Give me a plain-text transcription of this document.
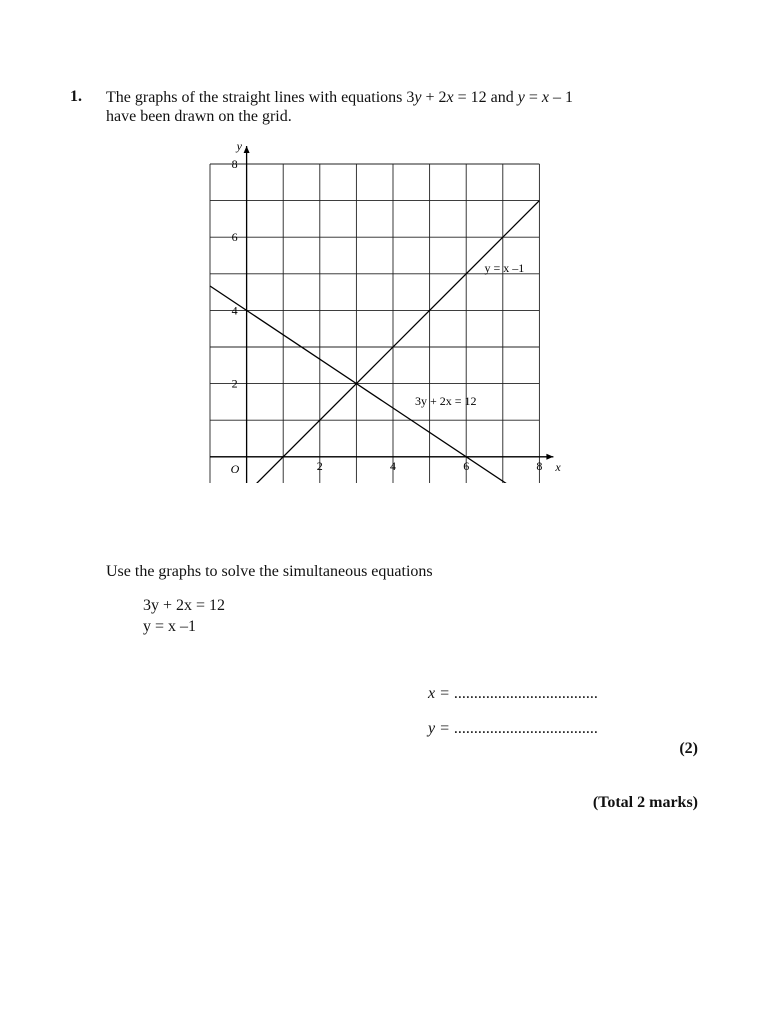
1. The graphs of the straight lines with equations 3y + 2x = 12 and y = x – 1
have been drawn on the grid.
x
y
O	2	4	6	8
2
4
6
8
3y + 2x = 12
y = x –1
Use the graphs to solve the simultaneous equations
3y + 2x = 12
y = x –1
x = ....................................
y = ....................................
(2)
(Total 2 marks)
